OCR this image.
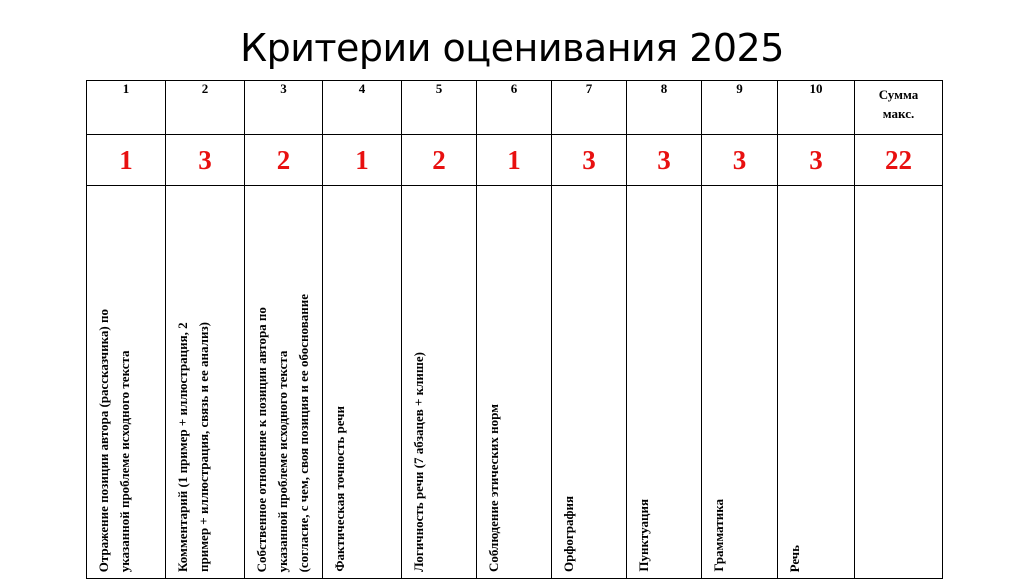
Критерии оценивания 2025
1	2	3	4	5	6	7	8	9	10	Сумма
макс.
1	3	2	1	2	1	3	3	3	3	22

Отражение позиции автора (рассказчика) по
указанной проблеме исходного текста	Комментарий (1 пример + иллюстрация, 2
пример + иллюстрация, связь и ее анализ)	Собственное отношение к позиции автора по
указанной проблеме исходного текста
(согласие, с чем, своя позиция и ее обоснование	Фактическая точность речи	Логичность речи (7 абзацев + клише)	Соблюдение этических норм	Орфография	Пунктуация	Грамматика	Речь	
